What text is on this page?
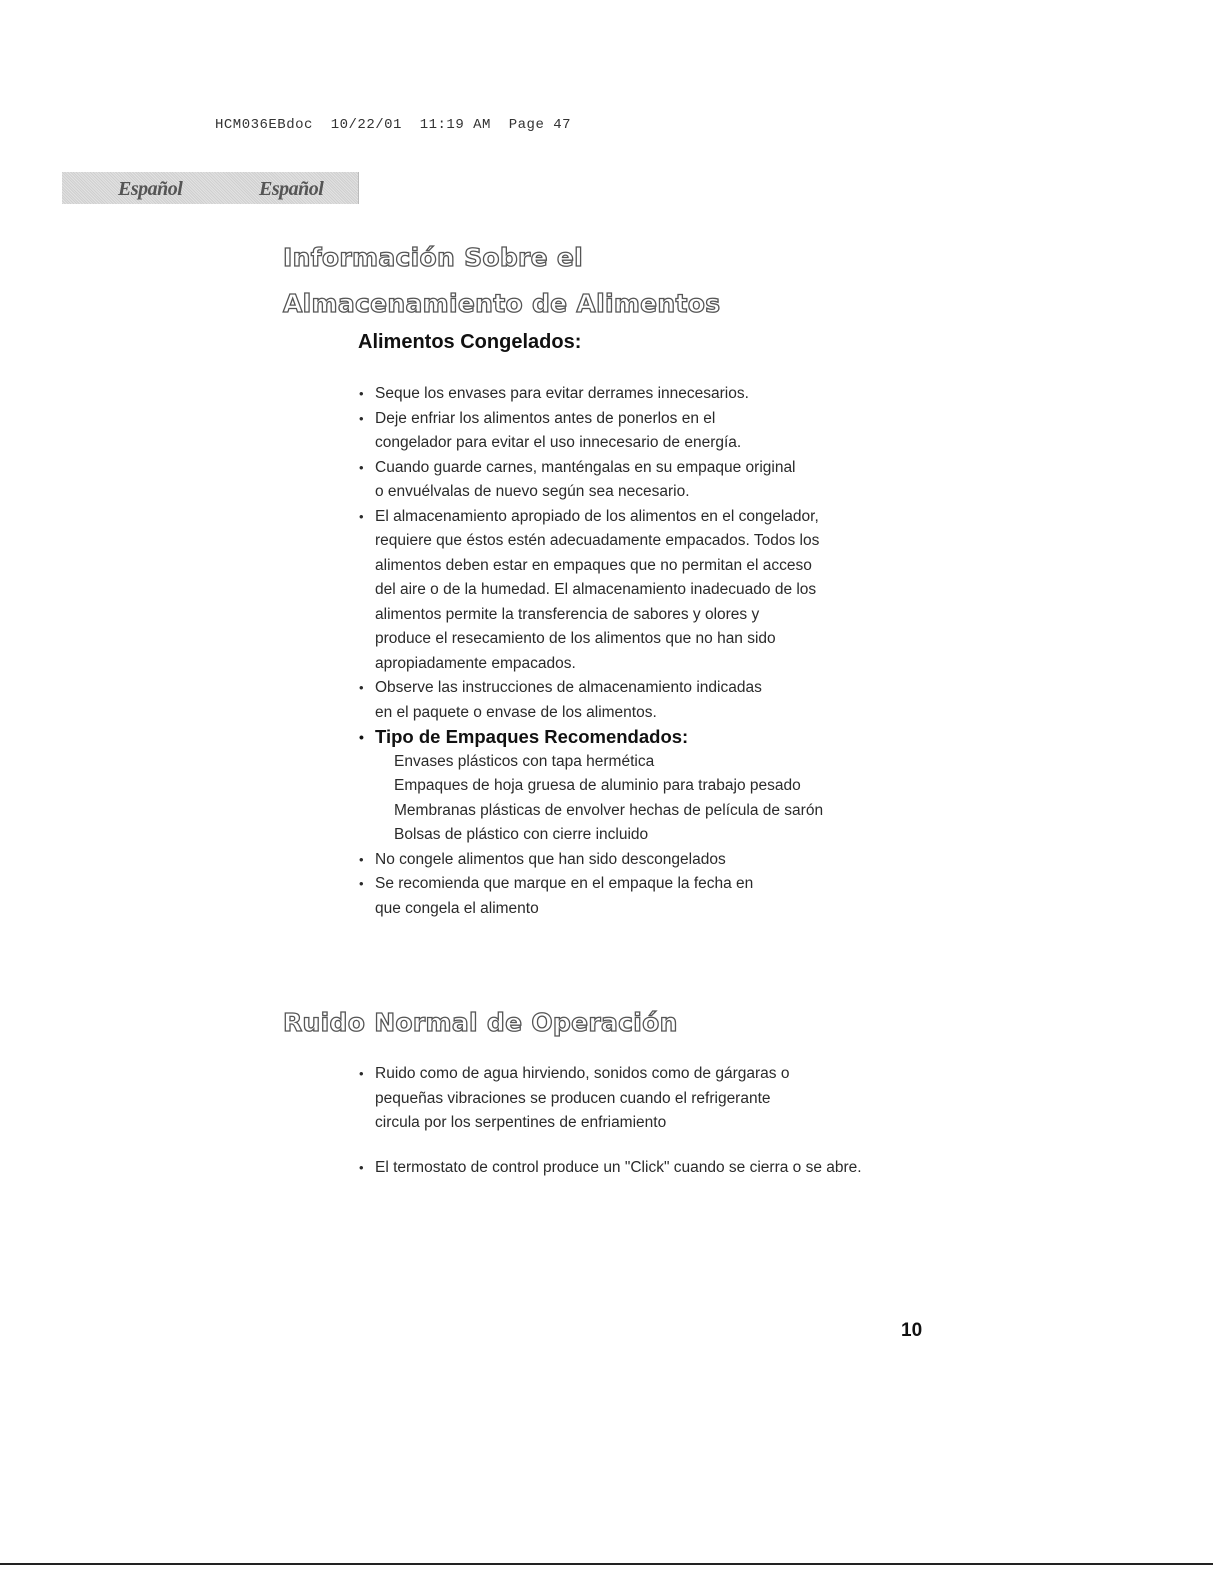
HCM036EBdoc  10/22/01  11:19 AM  Page 47
Español	Español
Información Sobre el
Almacenamiento de Alimentos
Alimentos Congelados:
• Seque los envases para evitar derrames innecesarios.
• Deje enfriar los alimentos antes de ponerlos en el
congelador para evitar el uso innecesario de energía.
• Cuando guarde carnes, manténgalas en su empaque original
o envuélvalas de nuevo según sea necesario.
• El almacenamiento apropiado de los alimentos en el congelador,
requiere que éstos estén adecuadamente empacados. Todos los
alimentos deben estar en empaques que no permitan el acceso
del aire o de la humedad. El almacenamiento inadecuado de los
alimentos permite la transferencia de sabores y olores y
produce el resecamiento de los alimentos que no han sido
apropiadamente empacados.
• Observe las instrucciones de almacenamiento indicadas
en el paquete o envase de los alimentos.
• Tipo de Empaques Recomendados:
Envases plásticos con tapa hermética
Empaques de hoja gruesa de aluminio para trabajo pesado
Membranas plásticas de envolver hechas de película de sarón
Bolsas de plástico con cierre incluido
• No congele alimentos que han sido descongelados
• Se recomienda que marque en el empaque la fecha en
que congela el alimento
Ruido Normal de Operación
• Ruido como de agua hirviendo, sonidos como de gárgaras o
pequeñas vibraciones se producen cuando el refrigerante
circula por los serpentines de enfriamiento
• El termostato de control produce un "Click" cuando se cierra o se abre.
10
